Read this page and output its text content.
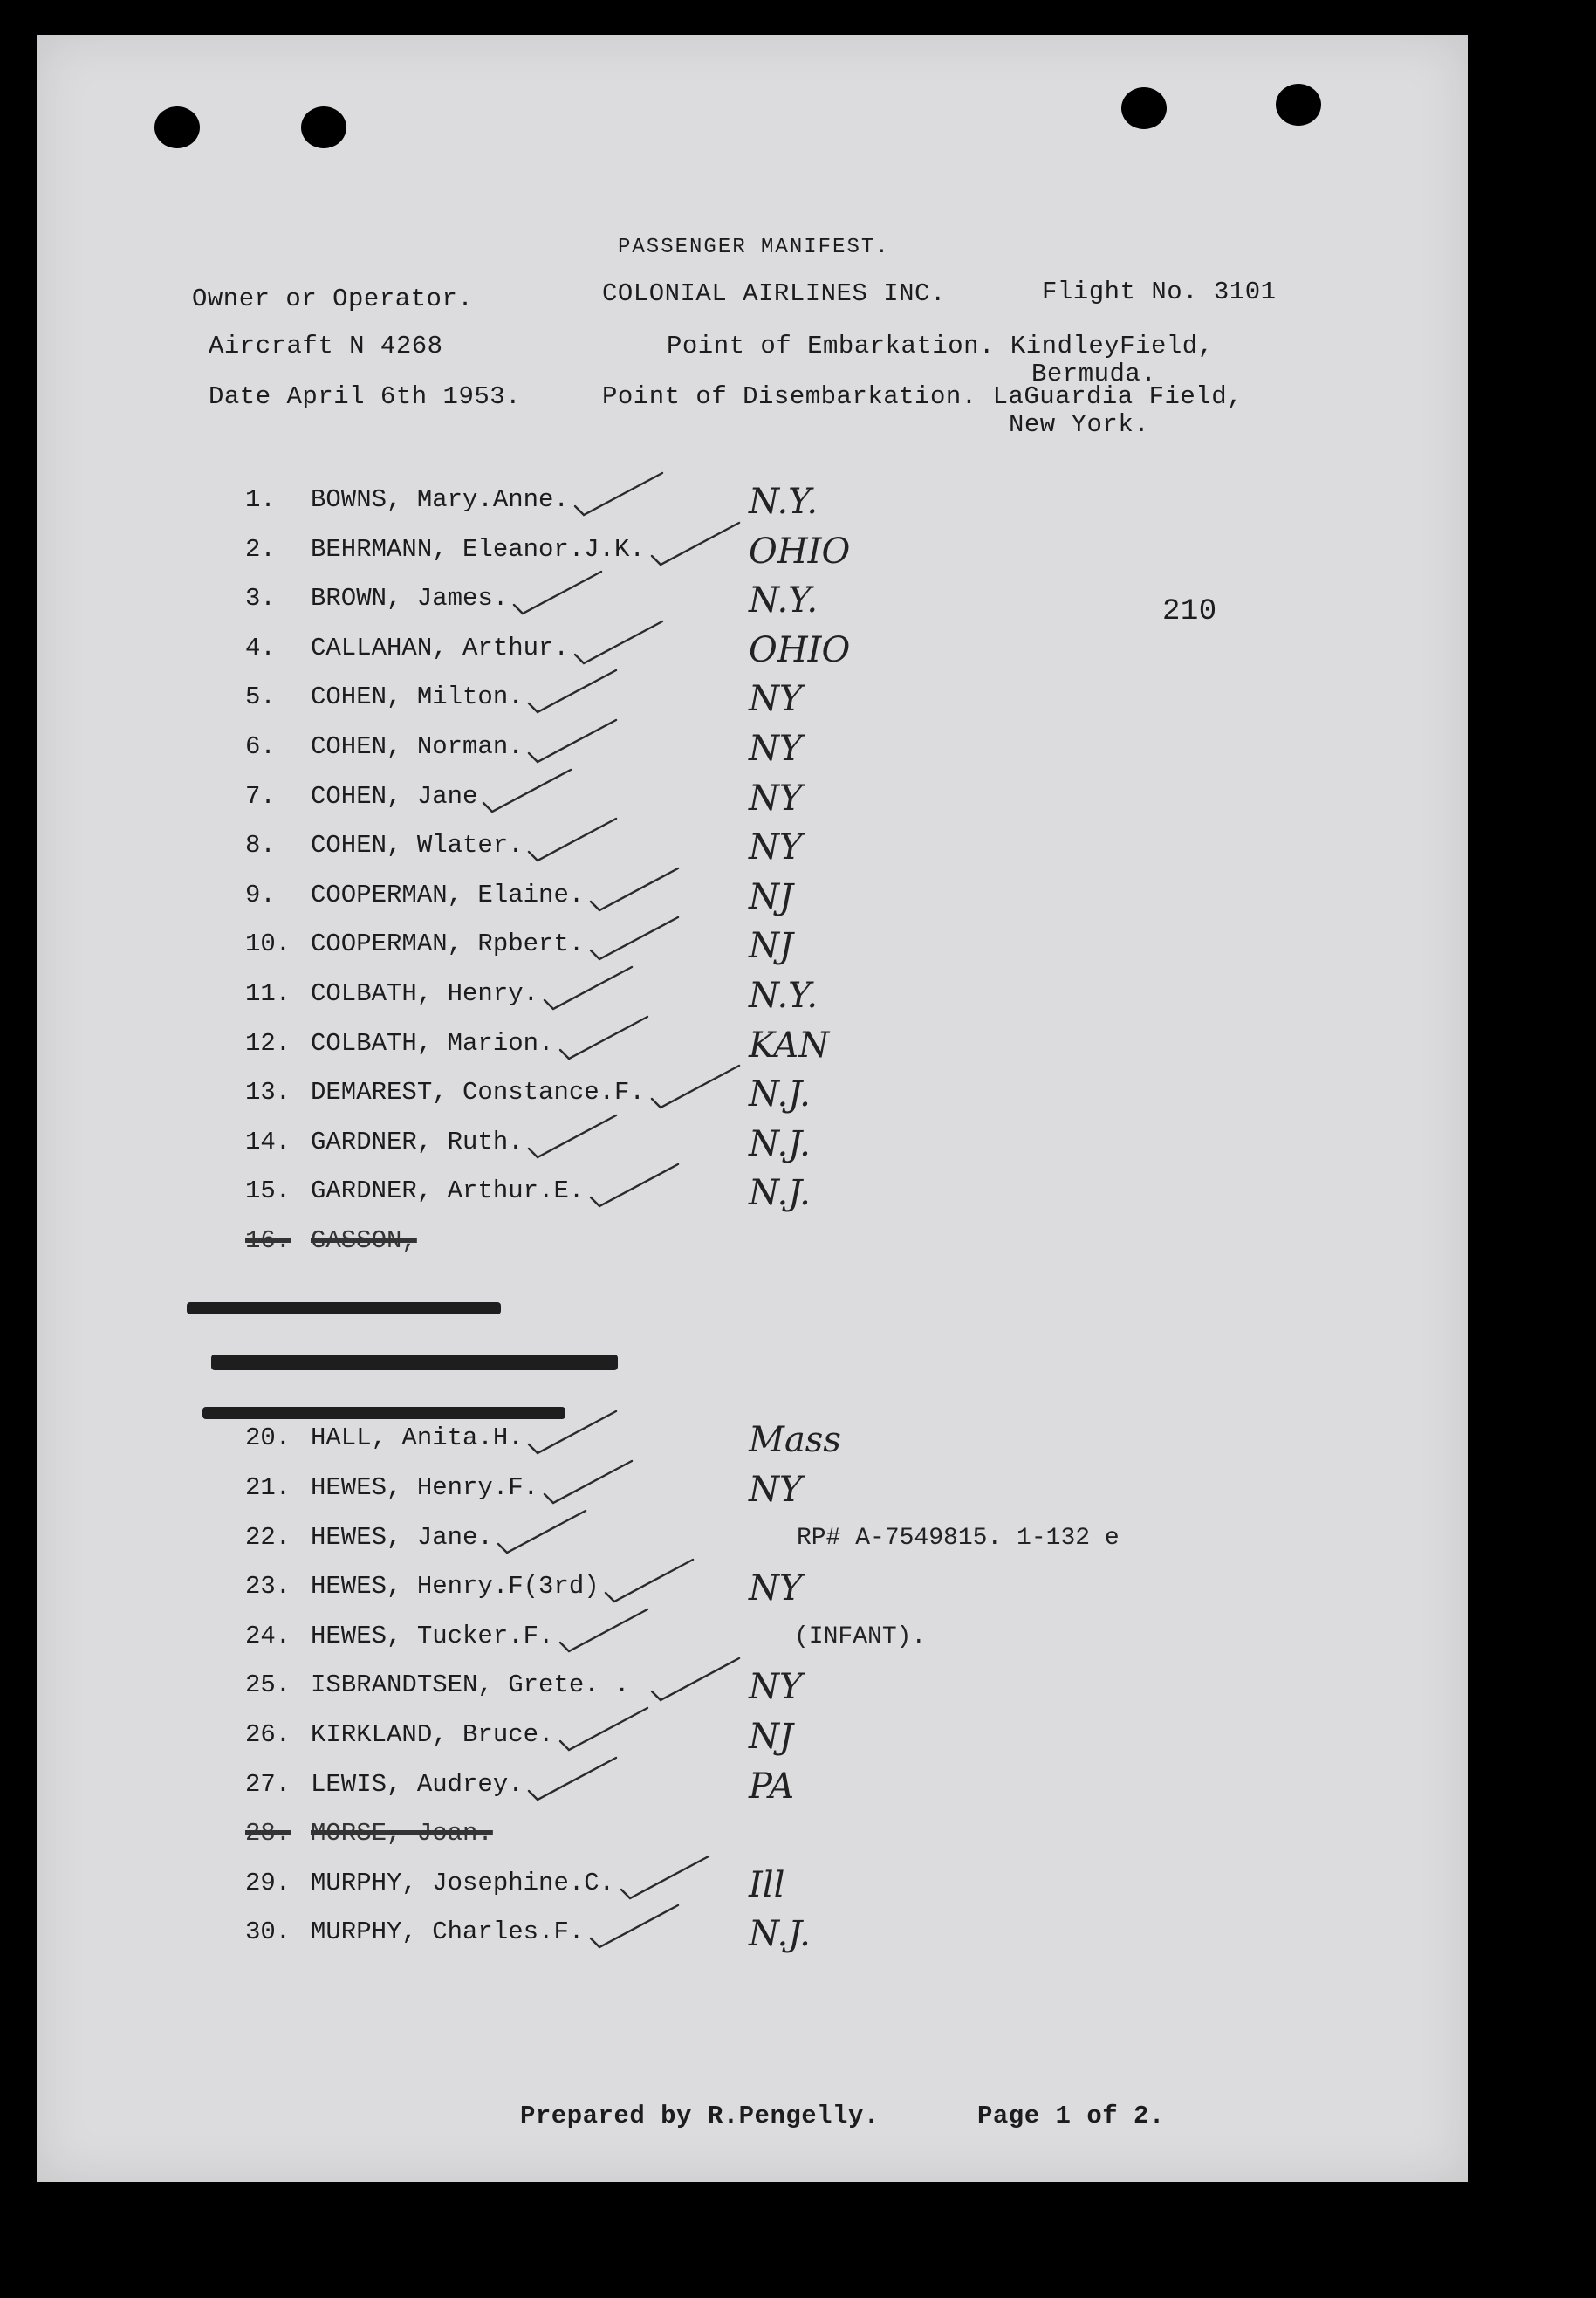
PASSENGER MANIFEST.
Owner or Operator.	COLONIAL AIRLINES INC.	Flight No. 3101
Aircraft N 4268	Point of Embarkation. KindleyField,
Bermuda.
Date April 6th 1953.	Point of Disembarkation. LaGuardia Field,
New York.
210
1.	BOWNS, Mary.Anne.	N.Y.
2.	BEHRMANN, Eleanor.J.K.	OHIO
3.	BROWN, James.	N.Y.
4.	CALLAHAN, Arthur.	OHIO
5.	COHEN, Milton.	NY
6.	COHEN, Norman.	NY
7.	COHEN, Jane	NY
8.	COHEN, Wlater.	NY
9.	COOPERMAN, Elaine.	NJ
10. COOPERMAN, Rpbert.	NJ
11. COLBATH, Henry.	N.Y.
12. COLBATH, Marion.	KAN
13. DEMAREST, Constance.F.	N.J.
14. GARDNER, Ruth.	N.J.
15. GARDNER, Arthur.E.	N.J.
16. GASSON,
20. HALL, Anita.H.	Mass
21. HEWES, Henry.F.	NY
22. HEWES, Jane.	RP# A-7549815. 1-132 e
23. HEWES, Henry.F(3rd)	NY
24. HEWES, Tucker.F.	(INFANT).
25. ISBRANDTSEN, Grete. .	NY
26. KIRKLAND, Bruce.	NJ
27. LEWIS, Audrey.	PA
28. MORSE, Joan.
29. MURPHY, Josephine.C.	Ill
30. MURPHY, Charles.F.	N.J.
Prepared by R.Pengelly.	Page 1 of 2.
